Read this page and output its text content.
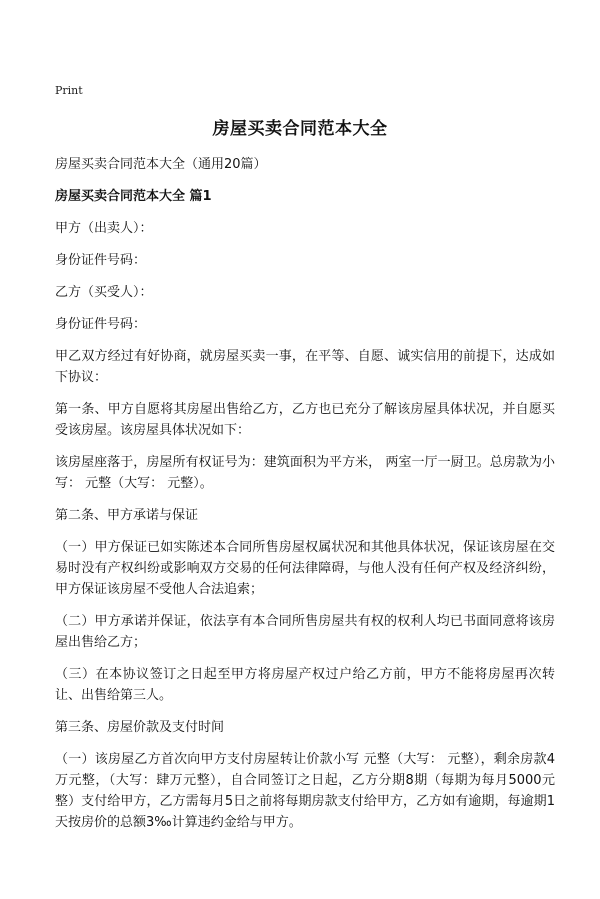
Print
房屋买卖合同范本大全

房屋买卖合同范本大全（通用20篇）

房屋买卖合同范本大全 篇1

甲方（出卖人）：

身份证件号码：

乙方（买受人）：

身份证件号码：

甲乙双方经过有好协商，就房屋买卖一事，在平等、自愿、诚实信用的前提下，达成如下协议：

第一条、甲方自愿将其房屋出售给乙方，乙方也已充分了解该房屋具体状况，并自愿买受该房屋。该房屋具体状况如下：

该房屋座落于，房屋所有权证号为：建筑面积为平方米， 两室一厅一厨卫。总房款为小写： 元整（大写： 元整）。

第二条、甲方承诺与保证

（一）甲方保证已如实陈述本合同所售房屋权属状况和其他具体状况，保证该房屋在交易时没有产权纠纷或影响双方交易的任何法律障碍，与他人没有任何产权及经济纠纷，甲方保证该房屋不受他人合法追索；

（二）甲方承诺并保证，依法享有本合同所售房屋共有权的权利人均已书面同意将该房屋出售给乙方；

（三）在本协议签订之日起至甲方将房屋产权过户给乙方前，甲方不能将房屋再次转让、出售给第三人。

第三条、房屋价款及支付时间

（一）该房屋乙方首次向甲方支付房屋转让价款小写 元整（大写： 元整），剩余房款4万元整，（大写：肆万元整），自合同签订之日起，乙方分期8期（每期为每月5000元整）支付给甲方，乙方需每月5日之前将每期房款支付给甲方，乙方如有逾期，每逾期1天按房价的总额3‰计算违约金给与甲方。
